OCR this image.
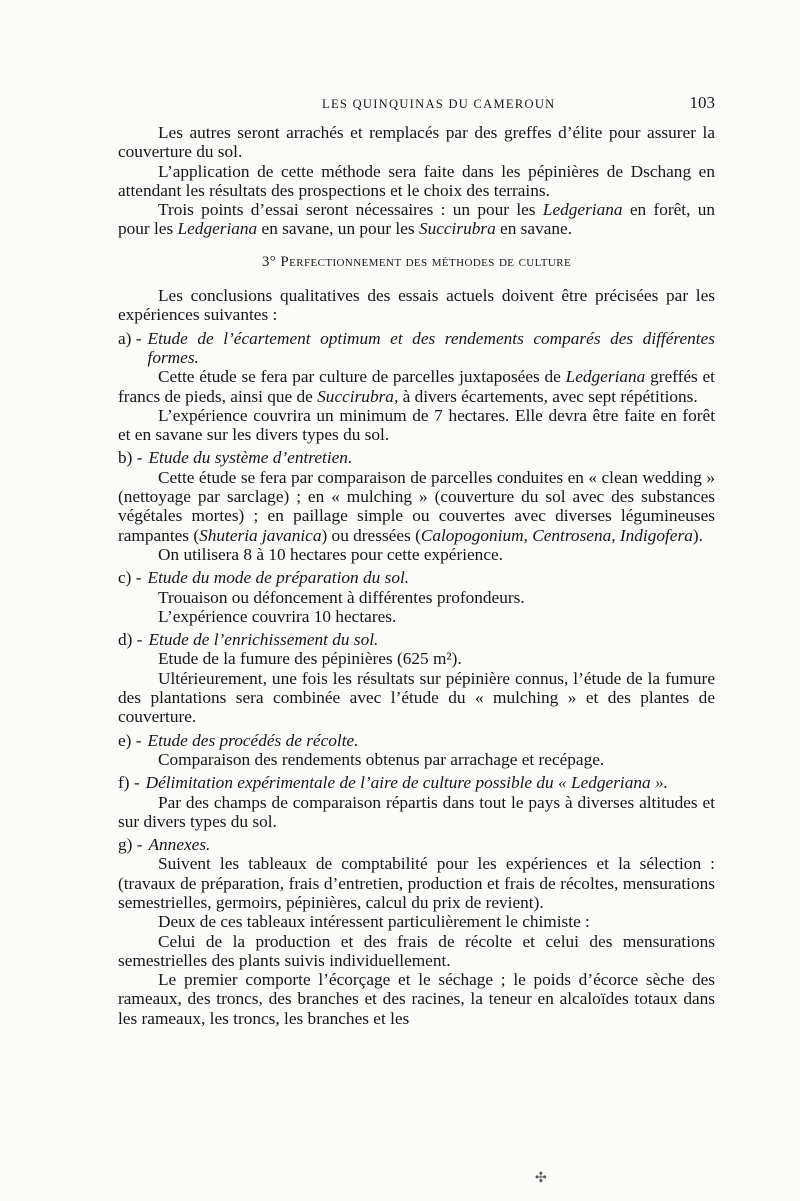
LES QUINQUINAS DU CAMEROUN	103

Les autres seront arrachés et remplacés par des greffes d’élite pour assurer la couverture du sol.

L’application de cette méthode sera faite dans les pépinières de Dschang en attendant les résultats des prospections et le choix des terrains.

Trois points d’essai seront nécessaires : un pour les Ledgeriana en forêt, un pour les Ledgeriana en savane, un pour les Succirubra en savane.

3° Perfectionnement des méthodes de culture

Les conclusions qualitatives des essais actuels doivent être précisées par les expériences suivantes :

a) - Etude de l’écartement optimum et des rendements comparés des différentes formes.

Cette étude se fera par culture de parcelles juxtaposées de Ledgeriana greffés et francs de pieds, ainsi que de Succirubra, à divers écartements, avec sept répétitions.

L’expérience couvrira un minimum de 7 hectares. Elle devra être faite en forêt et en savane sur les divers types du sol.

b) - Etude du système d’entretien.

Cette étude se fera par comparaison de parcelles conduites en « clean wedding » (nettoyage par sarclage) ; en « mulching » (couverture du sol avec des substances végétales mortes) ; en paillage simple ou couvertes avec diverses légumineuses rampantes (Shuteria javanica) ou dressées (Calopogonium, Centrosena, Indigofera).

On utilisera 8 à 10 hectares pour cette expérience.

c) - Etude du mode de préparation du sol.

Trouaison ou défoncement à différentes profondeurs.

L’expérience couvrira 10 hectares.

d) - Etude de l’enrichissement du sol.

Etude de la fumure des pépinières (625 m²).

Ultérieurement, une fois les résultats sur pépinière connus, l’étude de la fumure des plantations sera combinée avec l’étude du « mulching » et des plantes de couverture.

e) - Etude des procédés de récolte.

Comparaison des rendements obtenus par arrachage et recépage.

f) - Délimitation expérimentale de l’aire de culture possible du « Ledgeriana ».

Par des champs de comparaison répartis dans tout le pays à diverses altitudes et sur divers types du sol.

g) - Annexes.

Suivent les tableaux de comptabilité pour les expériences et la sélection : (travaux de préparation, frais d’entretien, production et frais de récoltes, mensurations semestrielles, germoirs, pépinières, calcul du prix de revient).

Deux de ces tableaux intéressent particulièrement le chimiste :

Celui de la production et des frais de récolte et celui des mensurations semestrielles des plants suivis individuellement.

Le premier comporte l’écorçage et le séchage ; le poids d’écorce sèche des rameaux, des troncs, des branches et des racines, la teneur en alcaloïdes totaux dans les rameaux, les troncs, les branches et les

✣
